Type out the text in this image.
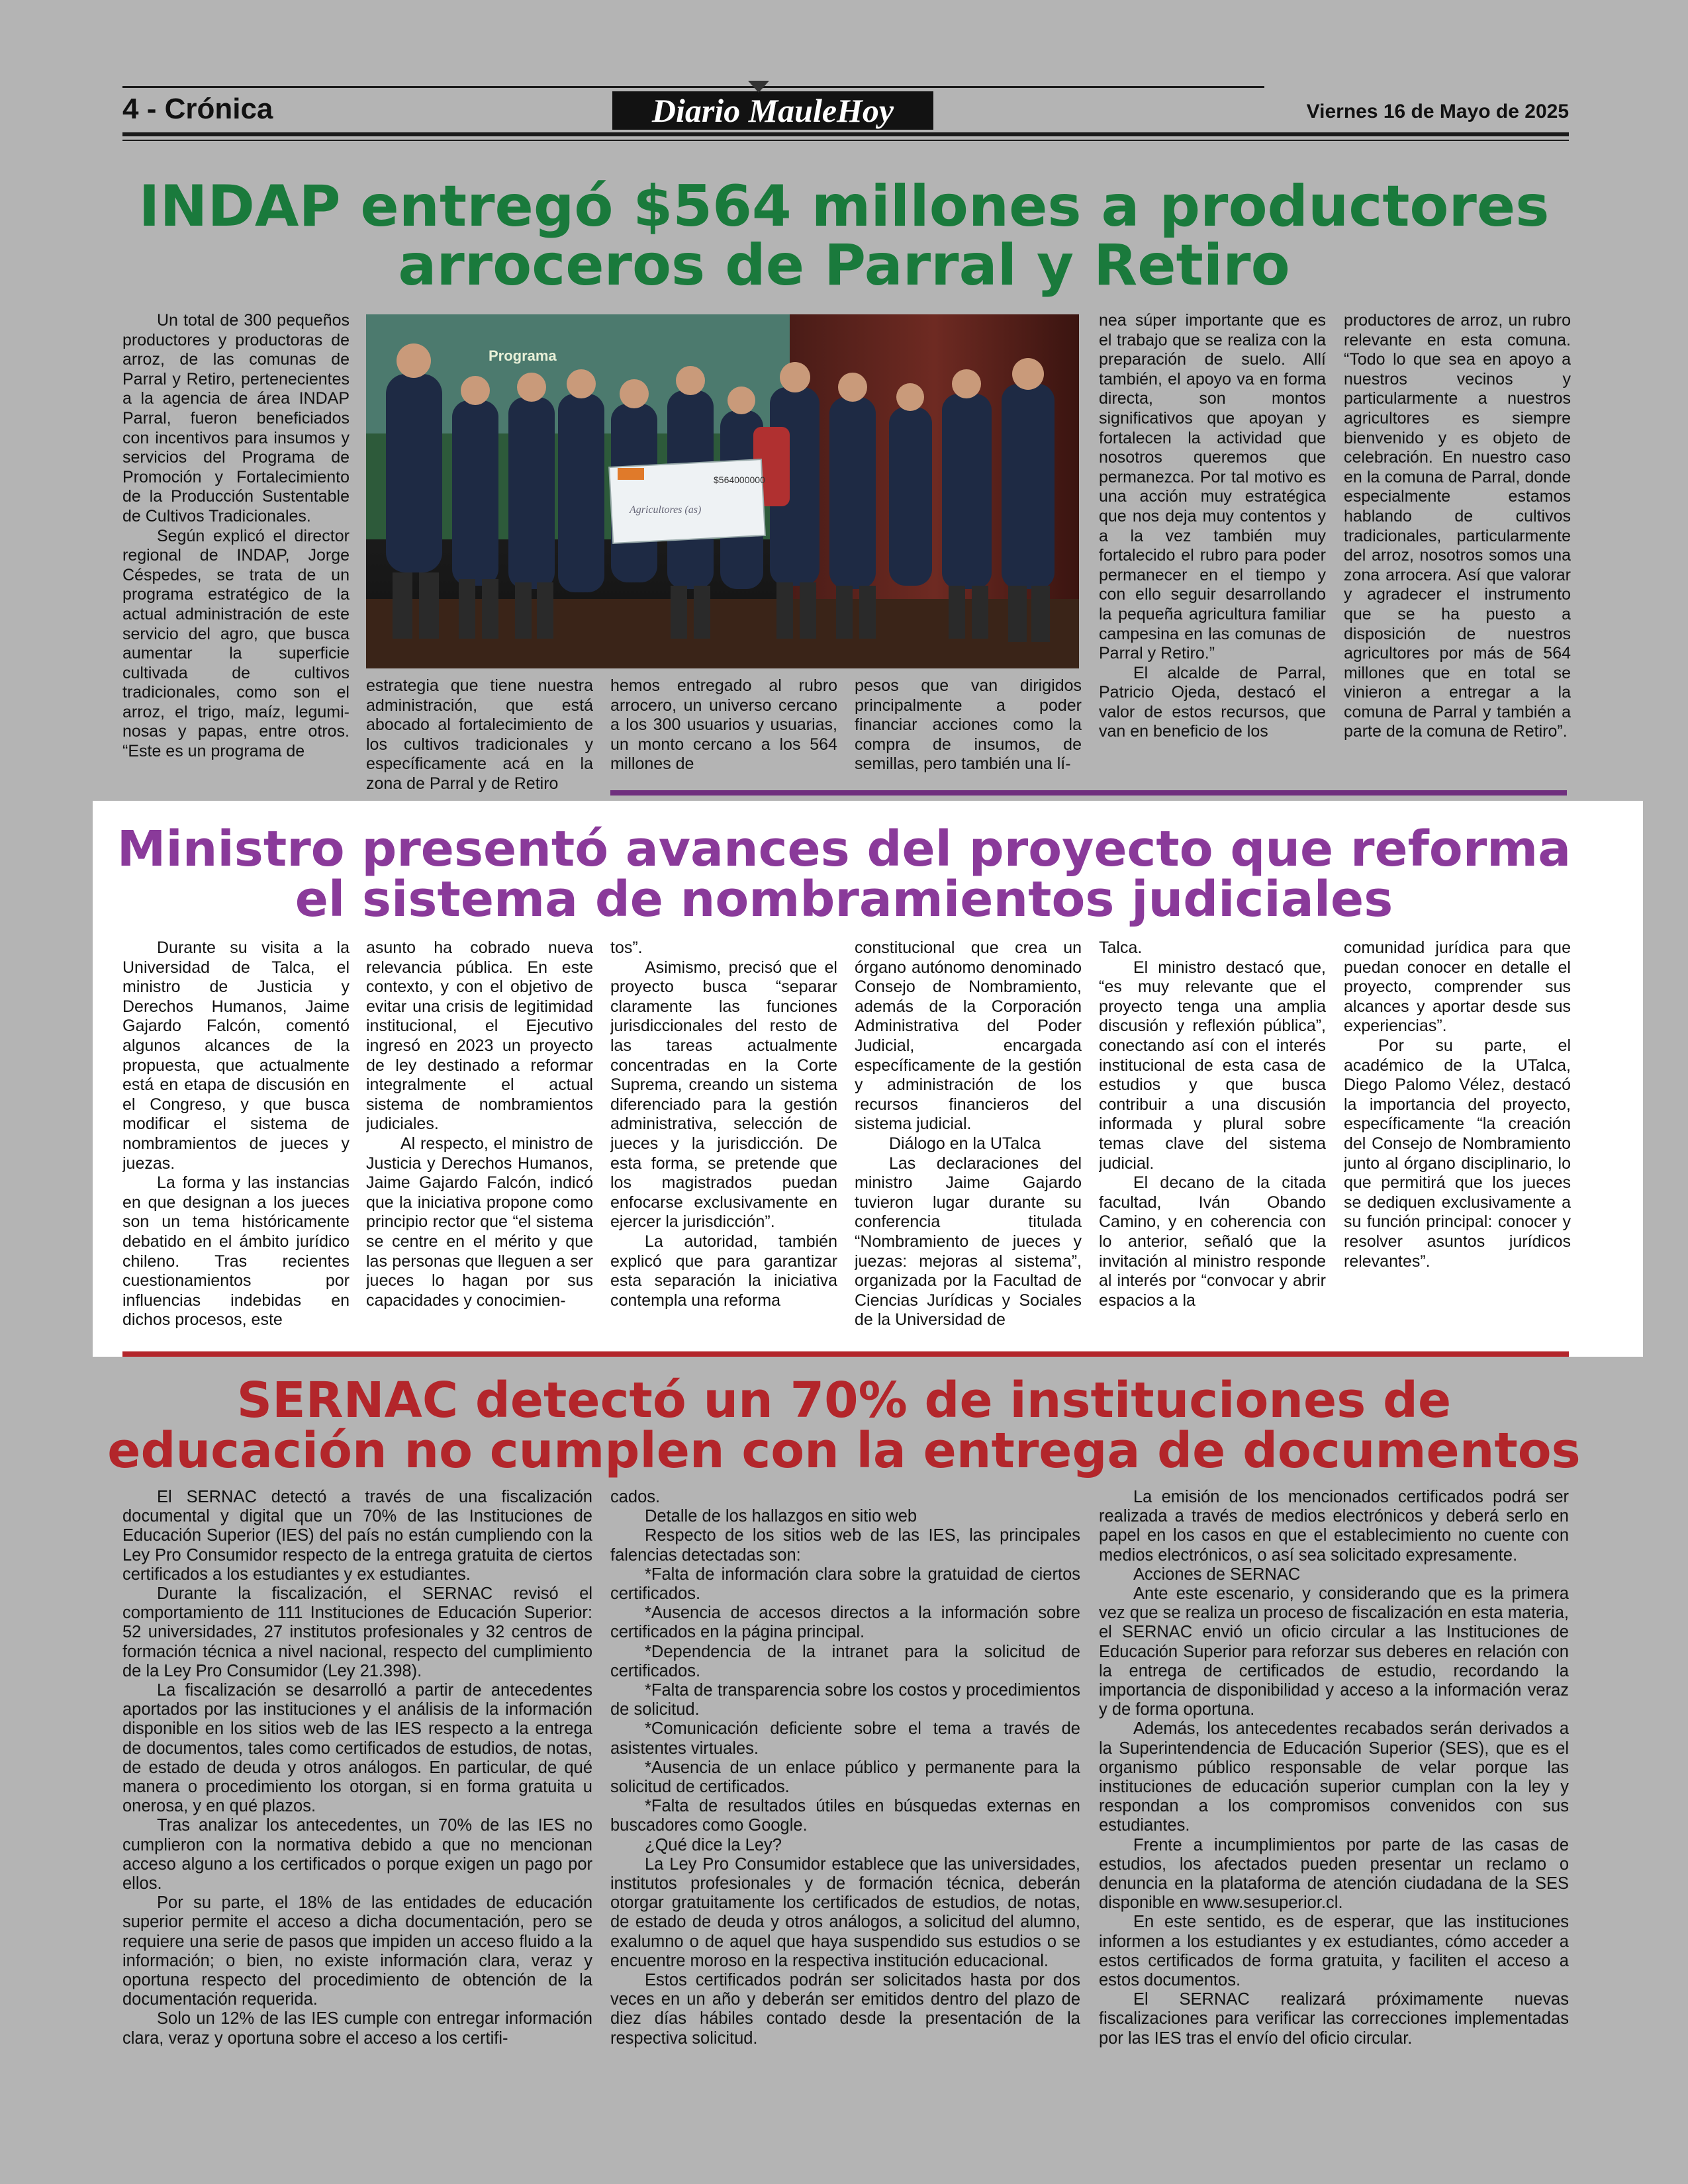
4 - Crónica	Diario MauleHoy	Viernes 16 de Mayo de 2025
INDAP entregó $564 millones a productores arroceros de Parral y Retiro

Un total de 300 pequeños productores y productoras de arroz, de las comunas de Parral y Retiro, pertenecientes a la agencia de área INDAP Parral, fueron beneficiados con incentivos para insumos y servicios del Programa de Promoción y Fortalecimiento de la Producción Sustentable de Cultivos Tradicionales.

Según explicó el director regional de INDAP, Jorge Céspedes, se trata de un programa estratégico de la actual administración de este servicio del agro, que busca aumentar la superficie cultivada de cultivos tradicionales, como son el arroz, el trigo, maíz, legumi-nosas y papas, entre otros. “Este es un programa de

Programa
$564000000
Agricultores (as)

estrategia que tiene nuestra administración, que está abocado al fortalecimiento de los cultivos tradicionales y específicamente acá en la zona de Parral y de Retiro

hemos entregado al rubro arrocero, un universo cercano a los 300 usuarios y usuarias, un monto cercano a los 564 millones de

pesos que van dirigidos principalmente a poder financiar acciones como la compra de insumos, de semillas, pero también una lí-

nea súper importante que es el trabajo que se realiza con la preparación de suelo. Allí también, el apoyo va en forma directa, son montos significativos que apoyan y fortalecen la actividad que nosotros queremos que permanezca. Por tal motivo es una acción muy estratégica que nos deja muy contentos y a la vez también muy fortalecido el rubro para poder permanecer en el tiempo y con ello seguir desarrollando la pequeña agricultura familiar campesina en las comunas de Parral y Retiro.”

El alcalde de Parral, Patricio Ojeda, destacó el valor de estos recursos, que van en beneficio de los

productores de arroz, un rubro relevante en esta comuna. “Todo lo que sea en apoyo a nuestros vecinos y particularmente a nuestros agricultores es siempre bienvenido y es objeto de celebración. En nuestro caso en la comuna de Parral, donde especialmente estamos hablando de cultivos tradicionales, particularmente del arroz, nosotros somos una zona arrocera. Así que valorar y agradecer el instrumento que se ha puesto a disposición de nuestros agricultores por más de 564 millones que en total se vinieron a entregar a la comuna de Parral y también a parte de la comuna de Retiro”.

Ministro presentó avances del proyecto que reforma el sistema de nombramientos judiciales

Durante su visita a la Universidad de Talca, el ministro de Justicia y Derechos Humanos, Jaime Gajardo Falcón, comentó algunos alcances de la propuesta, que actualmente está en etapa de discusión en el Congreso, y que busca modificar el sistema de nombramientos de jueces y juezas.

La forma y las instancias en que designan a los jueces son un tema históricamente debatido en el ámbito jurídico chileno. Tras recientes cuestionamientos por influencias indebidas en dichos procesos, este

asunto ha cobrado nueva relevancia pública. En este contexto, y con el objetivo de evitar una crisis de legitimidad institucional, el Ejecutivo ingresó en 2023 un proyecto de ley destinado a reformar integralmente el actual sistema de nombramientos judiciales.

Al respecto, el ministro de Justicia y Derechos Humanos, Jaime Gajardo Falcón, indicó que la iniciativa propone como principio rector que “el sistema se centre en el mérito y que las personas que lleguen a ser jueces lo hagan por sus capacidades y conocimien-

tos”.

Asimismo, precisó que el proyecto busca “separar claramente las funciones jurisdiccionales del resto de las tareas actualmente concentradas en la Corte Suprema, creando un sistema diferenciado para la gestión administrativa, selección de jueces y la jurisdicción. De esta forma, se pretende que los magistrados puedan enfocarse exclusivamente en ejercer la jurisdicción”.

La autoridad, también explicó que para garantizar esta separación la iniciativa contempla una reforma

constitucional que crea un órgano autónomo denominado Consejo de Nombramiento, además de la Corporación Administrativa del Poder Judicial, encargada específicamente de la gestión y administración de los recursos financieros del sistema judicial.

Diálogo en la UTalca

Las declaraciones del ministro Jaime Gajardo tuvieron lugar durante su conferencia titulada “Nombramiento de jueces y juezas: mejoras al sistema”, organizada por la Facultad de Ciencias Jurídicas y Sociales de la Universidad de

Talca.

El ministro destacó que, “es muy relevante que el proyecto tenga una amplia discusión y reflexión pública”, conectando así con el interés institucional de esta casa de estudios y que busca contribuir a una discusión informada y plural sobre temas clave del sistema judicial.

El decano de la citada facultad, Iván Obando Camino, y en coherencia con lo anterior, señaló que la invitación al ministro responde al interés por “convocar y abrir espacios a la

comunidad jurídica para que puedan conocer en detalle el proyecto, comprender sus alcances y aportar desde sus experiencias”.

Por su parte, el académico de la UTalca, Diego Palomo Vélez, destacó la importancia del proyecto, específicamente “la creación del Consejo de Nombramiento junto al órgano disciplinario, lo que permitirá que los jueces se dediquen exclusivamente a su función principal: conocer y resolver asuntos jurídicos relevantes”.

SERNAC detectó un 70% de instituciones de educación no cumplen con la entrega de documentos

El SERNAC detectó a través de una fiscalización documental y digital que un 70% de las Instituciones de Educación Superior (IES) del país no están cumpliendo con la Ley Pro Consumidor respecto de la entrega gratuita de ciertos certificados a los estudiantes y ex estudiantes.

Durante la fiscalización, el SERNAC revisó el comportamiento de 111 Instituciones de Educación Superior: 52 universidades, 27 institutos profesionales y 32 centros de formación técnica a nivel nacional, respecto del cumplimiento de la Ley Pro Consumidor (Ley 21.398).

La fiscalización se desarrolló a partir de antecedentes aportados por las instituciones y el análisis de la información disponible en los sitios web de las IES respecto a la entrega de documentos, tales como certificados de estudios, de notas, de estado de deuda y otros análogos. En particular, de qué manera o procedimiento los otorgan, si en forma gratuita u onerosa, y en qué plazos.

Tras analizar los antecedentes, un 70% de las IES no cumplieron con la normativa debido a que no mencionan acceso alguno a los certificados o porque exigen un pago por ellos.

Por su parte, el 18% de las entidades de educación superior permite el acceso a dicha documentación, pero se requiere una serie de pasos que impiden un acceso fluido a la información; o bien, no existe información clara, veraz y oportuna respecto del procedimiento de obtención de la documentación requerida.

Solo un 12% de las IES cumple con entregar información clara, veraz y oportuna sobre el acceso a los certifi-

cados.

Detalle de los hallazgos en sitio web

Respecto de los sitios web de las IES, las principales falencias detectadas son:

*Falta de información clara sobre la gratuidad de ciertos certificados.

*Ausencia de accesos directos a la información sobre certificados en la página principal.

*Dependencia de la intranet para la solicitud de certificados.

*Falta de transparencia sobre los costos y procedimientos de solicitud.

*Comunicación deficiente sobre el tema a través de asistentes virtuales.

*Ausencia de un enlace público y permanente para la solicitud de certificados.

*Falta de resultados útiles en búsquedas externas en buscadores como Google.

¿Qué dice la Ley?

La Ley Pro Consumidor establece que las universidades, institutos profesionales y de formación técnica, deberán otorgar gratuitamente los certificados de estudios, de notas, de estado de deuda y otros análogos, a solicitud del alumno, exalumno o de aquel que haya suspendido sus estudios o se encuentre moroso en la respectiva institución educacional.

Estos certificados podrán ser solicitados hasta por dos veces en un año y deberán ser emitidos dentro del plazo de diez días hábiles contado desde la presentación de la respectiva solicitud.

La emisión de los mencionados certificados podrá ser realizada a través de medios electrónicos y deberá serlo en papel en los casos en que el establecimiento no cuente con medios electrónicos, o así sea solicitado expresamente.

Acciones de SERNAC

Ante este escenario, y considerando que es la primera vez que se realiza un proceso de fiscalización en esta materia, el SERNAC envió un oficio circular a las Instituciones de Educación Superior para reforzar sus deberes en relación con la entrega de certificados de estudio, recordando la importancia de disponibilidad y acceso a la información veraz y de forma oportuna.

Además, los antecedentes recabados serán derivados a la Superintendencia de Educación Superior (SES), que es el organismo público responsable de velar porque las instituciones de educación superior cumplan con la ley y respondan a los compromisos convenidos con sus estudiantes.

Frente a incumplimientos por parte de las casas de estudios, los afectados pueden presentar un reclamo o denuncia en la plataforma de atención ciudadana de la SES disponible en www.sesuperior.cl.

En este sentido, es de esperar, que las instituciones informen a los estudiantes y ex estudiantes, cómo acceder a estos certificados de forma gratuita, y faciliten el acceso a estos documentos.

El SERNAC realizará próximamente nuevas fiscalizaciones para verificar las correcciones implementadas por las IES tras el envío del oficio circular.
